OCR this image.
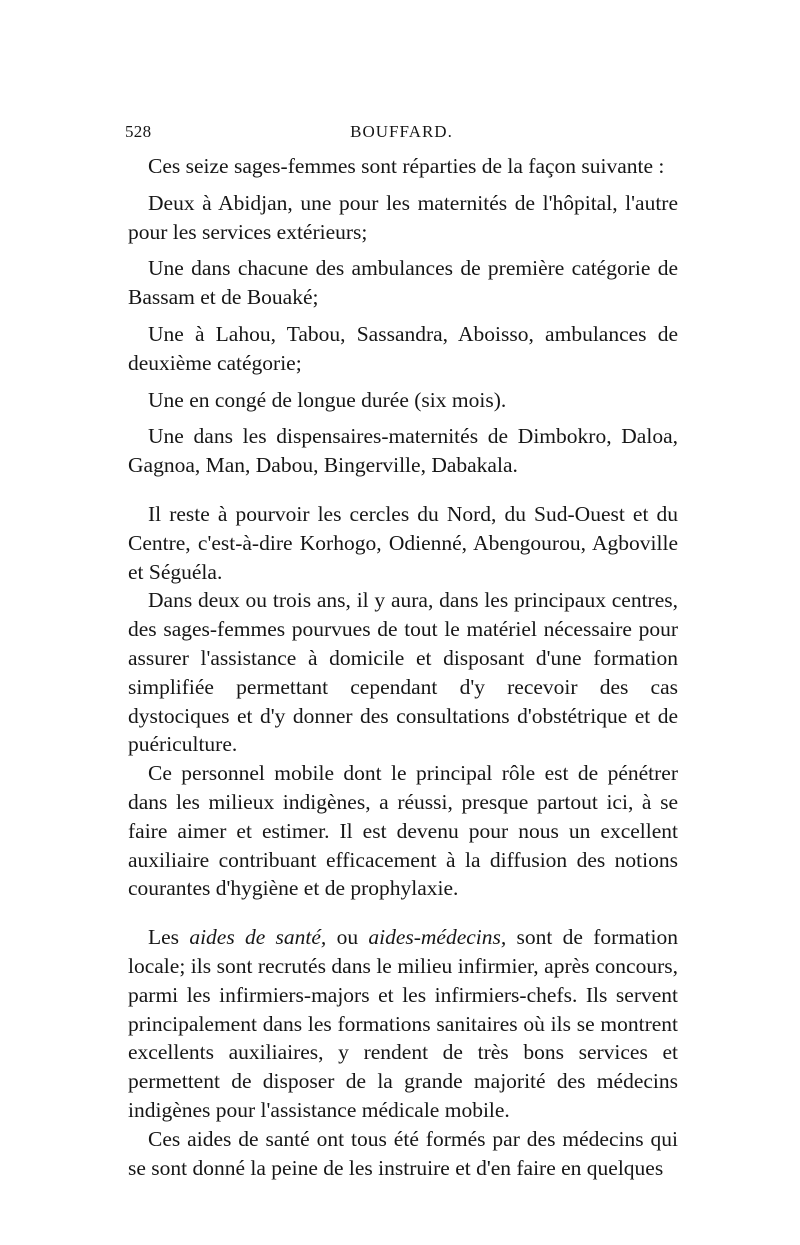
528	BOUFFARD.

Ces seize sages-femmes sont réparties de la façon suivante :

Deux à Abidjan, une pour les maternités de l'hôpital, l'autre pour les services extérieurs;

Une dans chacune des ambulances de première catégorie de Bassam et de Bouaké;

Une à Lahou, Tabou, Sassandra, Aboisso, ambulances de deuxième catégorie;

Une en congé de longue durée (six mois).

Une dans les dispensaires-maternités de Dimbokro, Daloa, Gagnoa, Man, Dabou, Bingerville, Dabakala.

Il reste à pourvoir les cercles du Nord, du Sud-Ouest et du Centre, c'est-à-dire Korhogo, Odienné, Abengourou, Agboville et Séguéla.

Dans deux ou trois ans, il y aura, dans les principaux centres, des sages-femmes pourvues de tout le matériel nécessaire pour assurer l'assistance à domicile et disposant d'une formation simplifiée permettant cependant d'y recevoir des cas dystociques et d'y donner des consultations d'obstétrique et de puériculture.

Ce personnel mobile dont le principal rôle est de pénétrer dans les milieux indigènes, a réussi, presque partout ici, à se faire aimer et estimer. Il est devenu pour nous un excellent auxiliaire contribuant efficacement à la diffusion des notions courantes d'hygiène et de prophylaxie.

Les aides de santé, ou aides-médecins, sont de formation locale; ils sont recrutés dans le milieu infirmier, après concours, parmi les infirmiers-majors et les infirmiers-chefs. Ils servent principalement dans les formations sanitaires où ils se montrent excellents auxiliaires, y rendent de très bons services et permettent de disposer de la grande majorité des médecins indigènes pour l'assistance médicale mobile.

Ces aides de santé ont tous été formés par des médecins qui se sont donné la peine de les instruire et d'en faire en quelques
